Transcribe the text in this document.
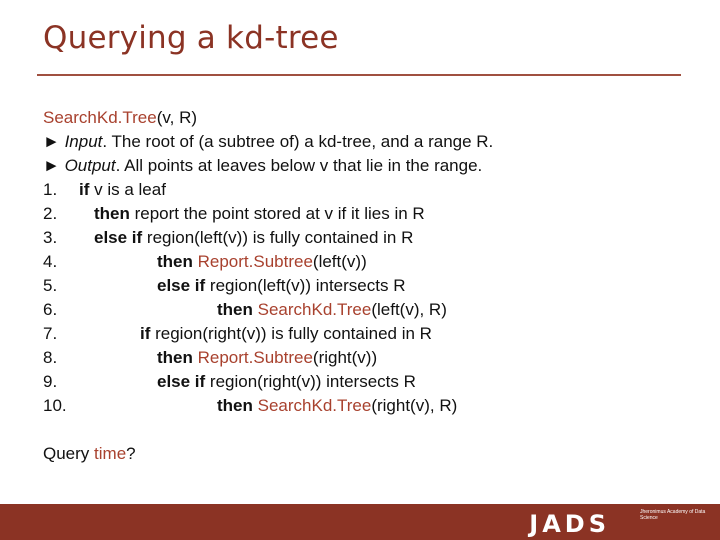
Querying a kd-tree
SearchKd.Tree(v, R)
► Input. The root of (a subtree of) a kd-tree, and a range R.
► Output. All points at leaves below v that lie in the range.
1. if v is a leaf
2. then report the point stored at v if it lies in R
3. else if region(left(v)) is fully contained in R
4.	then Report.Subtree(left(v))
5.	else if region(left(v)) intersects R
6.	then SearchKd.Tree(left(v), R)
7.	if region(right(v)) is fully contained in R
8.	then Report.Subtree(right(v))
9.	else if region(right(v)) intersects R
10.	then SearchKd.Tree(right(v), R)
Query time?
JADS	Jheronimus Academy of Data Science
